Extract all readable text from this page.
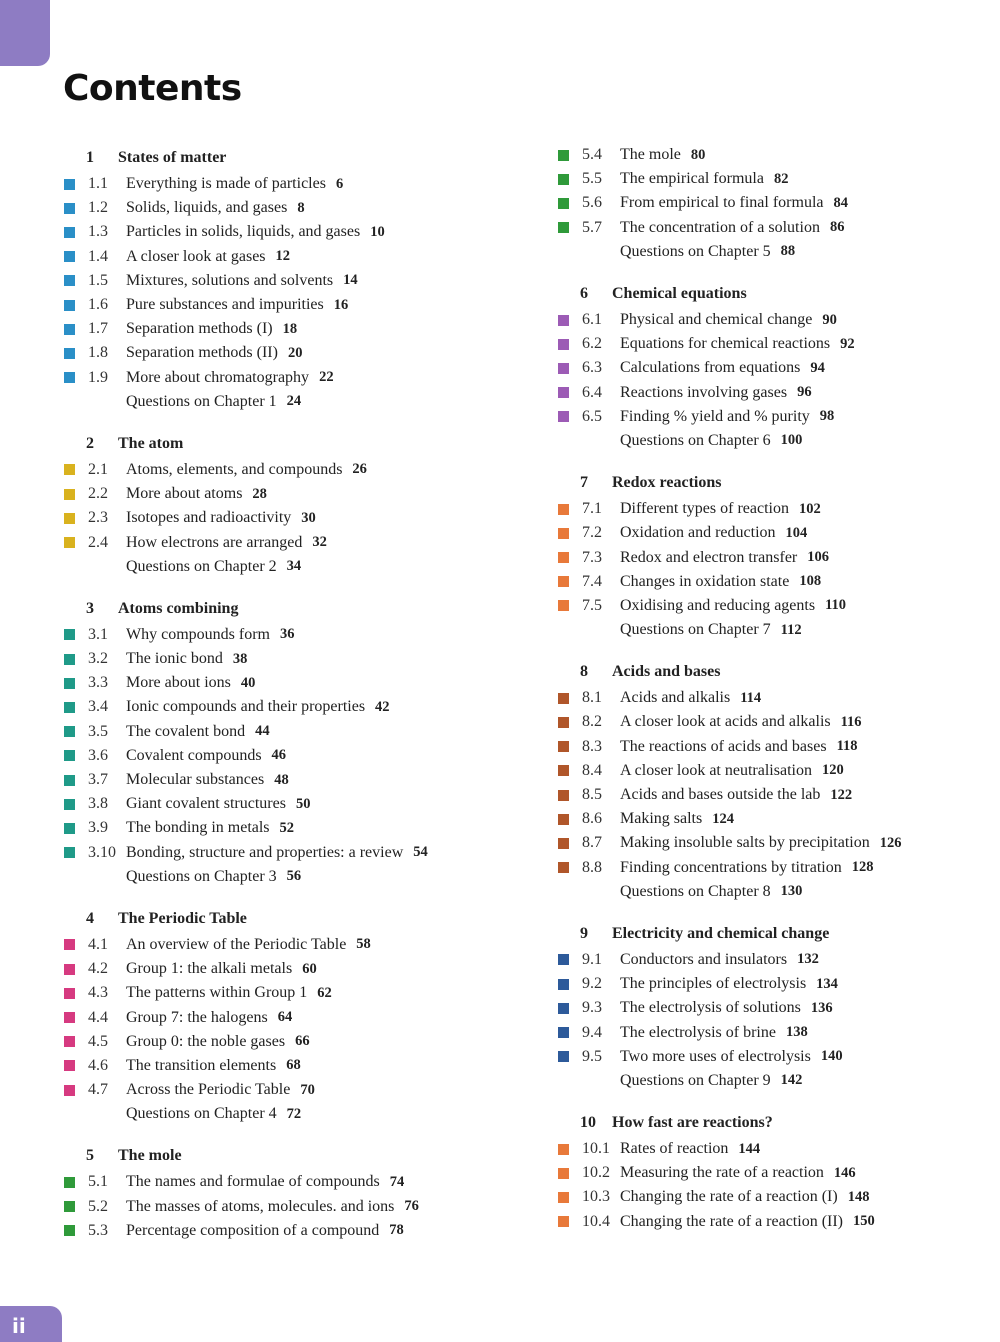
Contents
1	States of matter
1.1	Everything is made of particles 6
1.2	Solids, liquids, and gases 8
1.3	Particles in solids, liquids, and gases 10
1.4	A closer look at gases 12
1.5	Mixtures, solutions and solvents 14
1.6	Pure substances and impurities 16
1.7	Separation methods (I) 18
1.8	Separation methods (II) 20
1.9	More about chromatography 22
Questions on Chapter 1 24
2	The atom
2.1	Atoms, elements, and compounds 26
2.2	More about atoms 28
2.3	Isotopes and radioactivity 30
2.4	How electrons are arranged 32
Questions on Chapter 2 34
3	Atoms combining
3.1	Why compounds form 36
3.2	The ionic bond 38
3.3	More about ions 40
3.4	Ionic compounds and their properties 42
3.5	The covalent bond 44
3.6	Covalent compounds 46
3.7	Molecular substances 48
3.8	Giant covalent structures 50
3.9	The bonding in metals 52
3.10 Bonding, structure and properties: a review 54
Questions on Chapter 3 56
4	The Periodic Table
4.1	An overview of the Periodic Table 58
4.2	Group 1: the alkali metals 60
4.3	The patterns within Group 1 62
4.4	Group 7: the halogens 64
4.5	Group 0: the noble gases 66
4.6	The transition elements 68
4.7	Across the Periodic Table 70
Questions on Chapter 4 72
5	The mole
5.1	The names and formulae of compounds 74
5.2	The masses of atoms, molecules. and ions 76
5.3	Percentage composition of a compound 78
5.4	The mole 80
5.5	The empirical formula 82
5.6	From empirical to final formula 84
5.7	The concentration of a solution 86
Questions on Chapter 5 88
6	Chemical equations
6.1	Physical and chemical change 90
6.2	Equations for chemical reactions 92
6.3	Calculations from equations 94
6.4	Reactions involving gases 96
6.5	Finding % yield and % purity 98
Questions on Chapter 6 100
7	Redox reactions
7.1	Different types of reaction 102
7.2	Oxidation and reduction 104
7.3	Redox and electron transfer 106
7.4	Changes in oxidation state 108
7.5	Oxidising and reducing agents 110
Questions on Chapter 7 112
8	Acids and bases
8.1	Acids and alkalis 114
8.2	A closer look at acids and alkalis 116
8.3	The reactions of acids and bases 118
8.4	A closer look at neutralisation 120
8.5	Acids and bases outside the lab 122
8.6	Making salts 124
8.7	Making insoluble salts by precipitation 126
8.8	Finding concentrations by titration 128
Questions on Chapter 8 130
9	Electricity and chemical change
9.1	Conductors and insulators 132
9.2	The principles of electrolysis 134
9.3	The electrolysis of solutions 136
9.4	The electrolysis of brine 138
9.5	Two more uses of electrolysis 140
Questions on Chapter 9 142
10	How fast are reactions?
10.1 Rates of reaction 144
10.2 Measuring the rate of a reaction 146
10.3 Changing the rate of a reaction (I) 148
10.4 Changing the rate of a reaction (II) 150
ii
